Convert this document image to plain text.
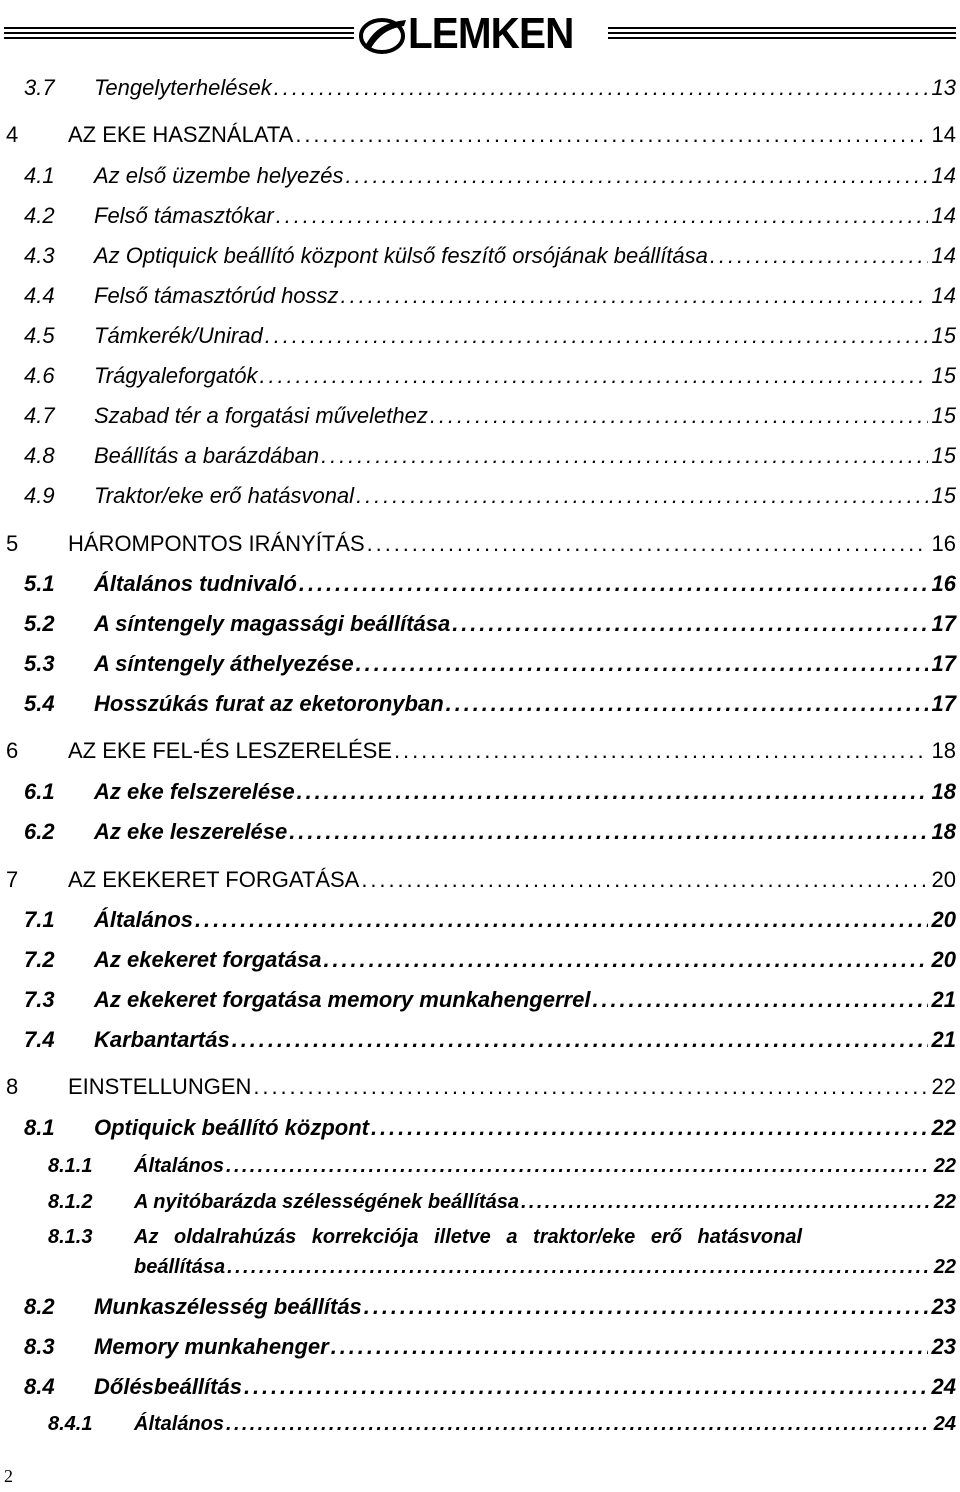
LEMKEN
3.7 Tengelyterhelések . . .	13
4 AZ EKE HASZNÁLATA . . .	14
4.1 Az első üzembe helyezés . . .	14
4.2 Felső támasztókar . . .	14
4.3 Az Optiquick beállító központ külső feszítő orsójának beállítása . . .	14
4.4 Felső támasztórúd hossz . . .	14
4.5 Támkerék/Unirad . . .	15
4.6 Trágyaleforgatók . . .	15
4.7 Szabad tér a forgatási művelethez . . .	15
4.8 Beállítás a barázdában . . .	15
4.9 Traktor/eke erő hatásvonal . . .	15
5 HÁROMPONTOS IRÁNYÍTÁS . . .	16
5.1 Általános tudnivaló . . .	16
5.2 A síntengely magassági beállítása . . .	17
5.3 A síntengely áthelyezése . . .	17
5.4 Hosszúkás furat az eketoronyban . . .	17
6 AZ EKE FEL-ÉS LESZERELÉSE . . .	18
6.1 Az eke felszerelése . . .	18
6.2 Az eke leszerelése . . .	18
7 AZ EKEKERET FORGATÁSA . . .	20
7.1 Általános . . .	20
7.2 Az ekekeret forgatása . . .	20
7.3 Az ekekeret forgatása memory munkahengerrel . . .	21
7.4 Karbantartás . . .	21
8 EINSTELLUNGEN . . .	22
8.1 Optiquick beállító központ . . .	22
8.1.1 Általános . . .	22
8.1.2 A nyitóbarázda szélességének beállítása . . .	22
8.1.3 Az oldalrahúzás korrekciója illetve a traktor/eke erő hatásvonal
beállítása . . .	22
8.2 Munkaszélesség beállítás . . .	23
8.3 Memory munkahenger . . .	23
8.4 Dőlésbeállítás . . .	24
8.4.1 Általános . . .	24
2
